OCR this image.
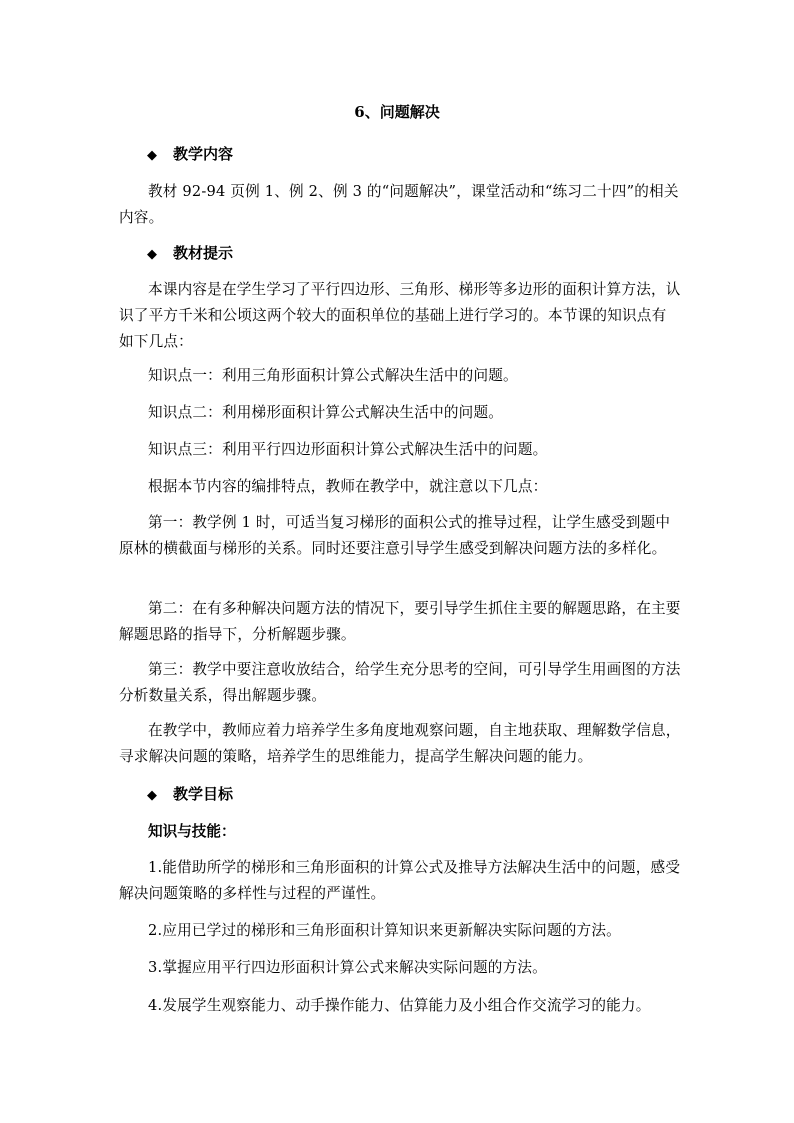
6、问题解决
◆ 教学内容
教材 92-94 页例 1、例 2、例 3 的“问题解决”，课堂活动和“练习二十四”的相关内容。
◆ 教材提示
本课内容是在学生学习了平行四边形、三角形、梯形等多边形的面积计算方法，认识了平方千米和公顷这两个较大的面积单位的基础上进行学习的。本节课的知识点有如下几点：
知识点一：利用三角形面积计算公式解决生活中的问题。
知识点二：利用梯形面积计算公式解决生活中的问题。
知识点三：利用平行四边形面积计算公式解决生活中的问题。
根据本节内容的编排特点，教师在教学中，就注意以下几点：
第一：教学例 1 时，可适当复习梯形的面积公式的推导过程，让学生感受到题中原林的横截面与梯形的关系。同时还要注意引导学生感受到解决问题方法的多样化。
第二：在有多种解决问题方法的情况下，要引导学生抓住主要的解题思路，在主要解题思路的指导下，分析解题步骤。
第三：教学中要注意收放结合，给学生充分思考的空间，可引导学生用画图的方法分析数量关系，得出解题步骤。
在教学中，教师应着力培养学生多角度地观察问题，自主地获取、理解数学信息，寻求解决问题的策略，培养学生的思维能力，提高学生解决问题的能力。
◆ 教学目标
知识与技能：
1.能借助所学的梯形和三角形面积的计算公式及推导方法解决生活中的问题，感受解决问题策略的多样性与过程的严谨性。
2.应用已学过的梯形和三角形面积计算知识来更新解决实际问题的方法。
3.掌握应用平行四边形面积计算公式来解决实际问题的方法。
4.发展学生观察能力、动手操作能力、估算能力及小组合作交流学习的能力。
